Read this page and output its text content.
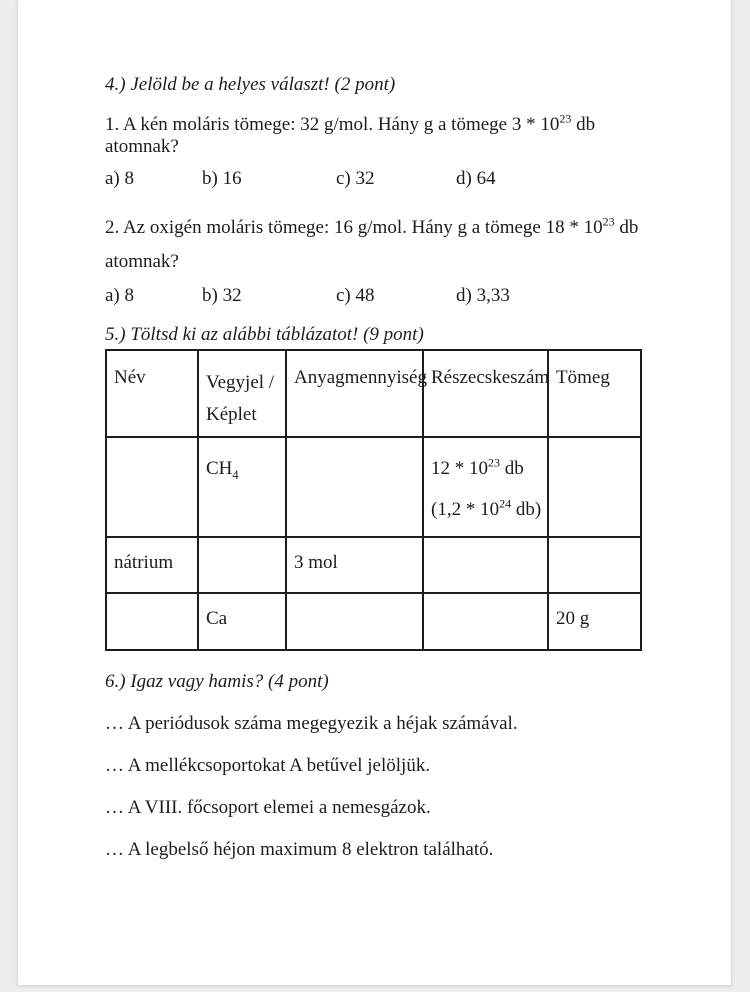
4.) Jelöld be a helyes választ! (2 pont)

1. A kén moláris tömege: 32 g/mol. Hány g a tömege $3 * 10^{23}$ db atomnak?

a) 8	b) 16	c) 32	d) 64

2. Az oxigén moláris tömege: 16 g/mol. Hány g a tömege $18 * 10^{23}$ db
atomnak?

a) 8	b) 32	c) 48	d) 3,33

5.) Töltsd ki az alábbi táblázatot! (9 pont)

Név	Vegyjel /
Képlet	Anyagmennyiség	Részecskeszám	Tömeg
	$CH_4$		$12 * 10^{23}$ db
($1,2 * 10^{24}$ db)	

nátrium		3 mol		
	Ca			20 g

6.) Igaz vagy hamis? (4 pont)

… A periódusok száma megegyezik a héjak számával.

… A mellékcsoportokat A betűvel jelöljük.

… A VIII. főcsoport elemei a nemesgázok.

… A legbelső héjon maximum 8 elektron található.
